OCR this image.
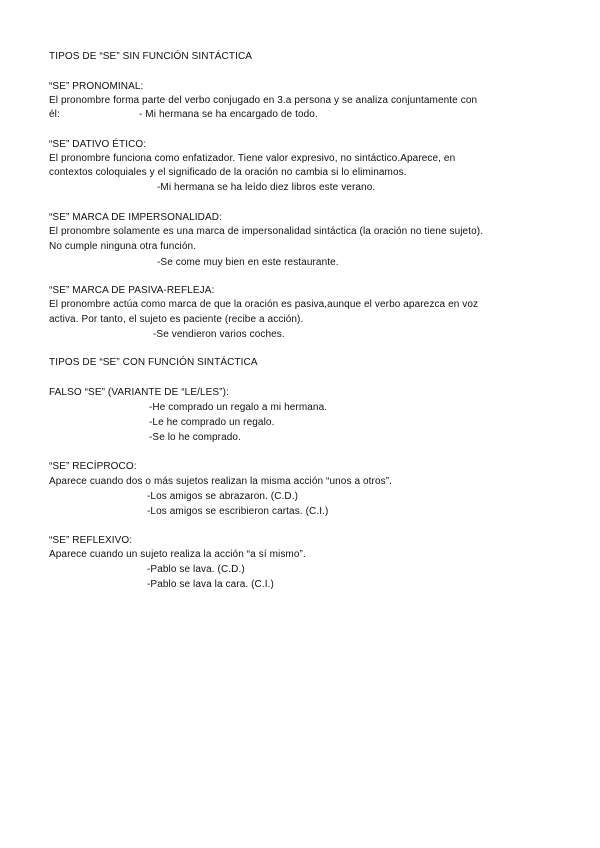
TIPOS DE “SE” SIN FUNCIÓN SINTÁCTICA
“SE” PRONOMINAL:
El pronombre forma parte del verbo conjugado en 3.a persona y se analiza conjuntamente con
él:	- Mi hermana se ha encargado de todo.
“SE” DATIVO ÉTICO:
El pronombre funciona como enfatizador. Tiene valor expresivo, no sintáctico.Aparece, en
contextos coloquiales y el significado de la oración no cambia si lo eliminamos.
-Mi hermana se ha leído diez libros este verano.
“SE” MARCA DE IMPERSONALIDAD:
El pronombre solamente es una marca de impersonalidad sintáctica (la oración no tiene sujeto).
No cumple ninguna otra función.
-Se come muy bien en este restaurante.
“SE” MARCA DE PASIVA-REFLEJA:
El pronombre actúa como marca de que la oración es pasiva,aunque el verbo aparezca en voz
activa. Por tanto, el sujeto es paciente (recibe a acción).
-Se vendieron varios coches.
TIPOS DE “SE” CON FUNCIÓN SINTÁCTICA
FALSO “SE” (VARIANTE DE “LE/LES”):
-He comprado un regalo a mi hermana.
-Le he comprado un regalo.
-Se lo he comprado.
“SE” RECÍPROCO:
Aparece cuando dos o más sujetos realizan la misma acción “unos a otros”.
-Los amigos se abrazaron. (C.D.)
-Los amigos se escribieron cartas. (C.I.)
“SE” REFLEXIVO:
Aparece cuando un sujeto realiza la acción “a sí mismo”.
-Pablo se lava. (C.D.)
-Pablo se lava la cara. (C.I.)
